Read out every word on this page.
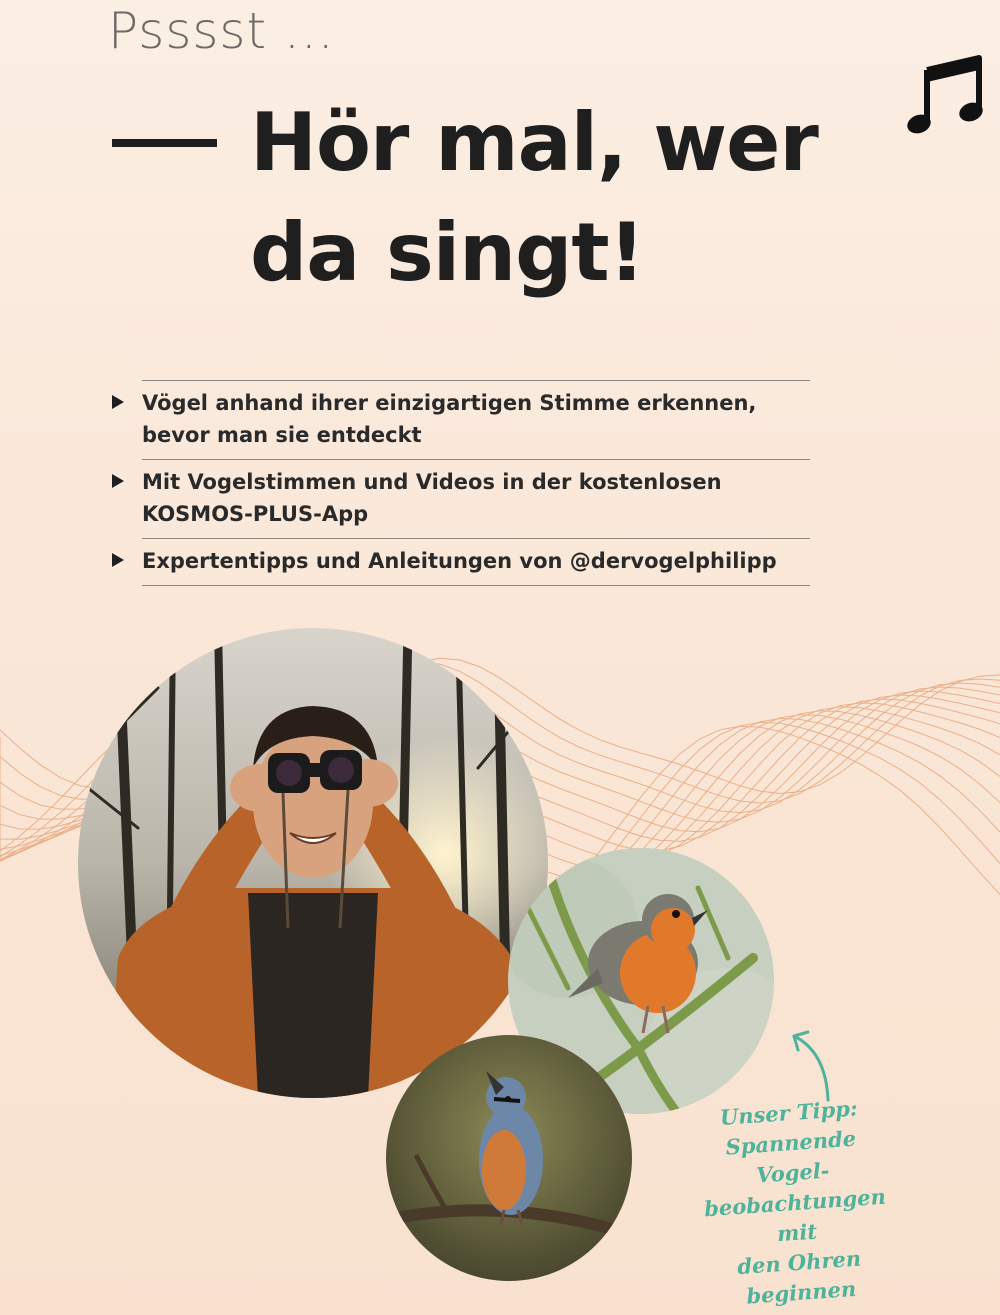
Psssst ...
Hör mal, wer
da singt!
Vögel anhand ihrer einzigartigen Stimme erkennen,
bevor man sie entdeckt
Mit Vogelstimmen und Videos in der kostenlosen
KOSMOS-PLUS-App
Expertentipps und Anleitungen von @dervogelphilipp
Unser Tipp:
Spannende Vogel-
beobachtungen mit
den Ohren beginnen
